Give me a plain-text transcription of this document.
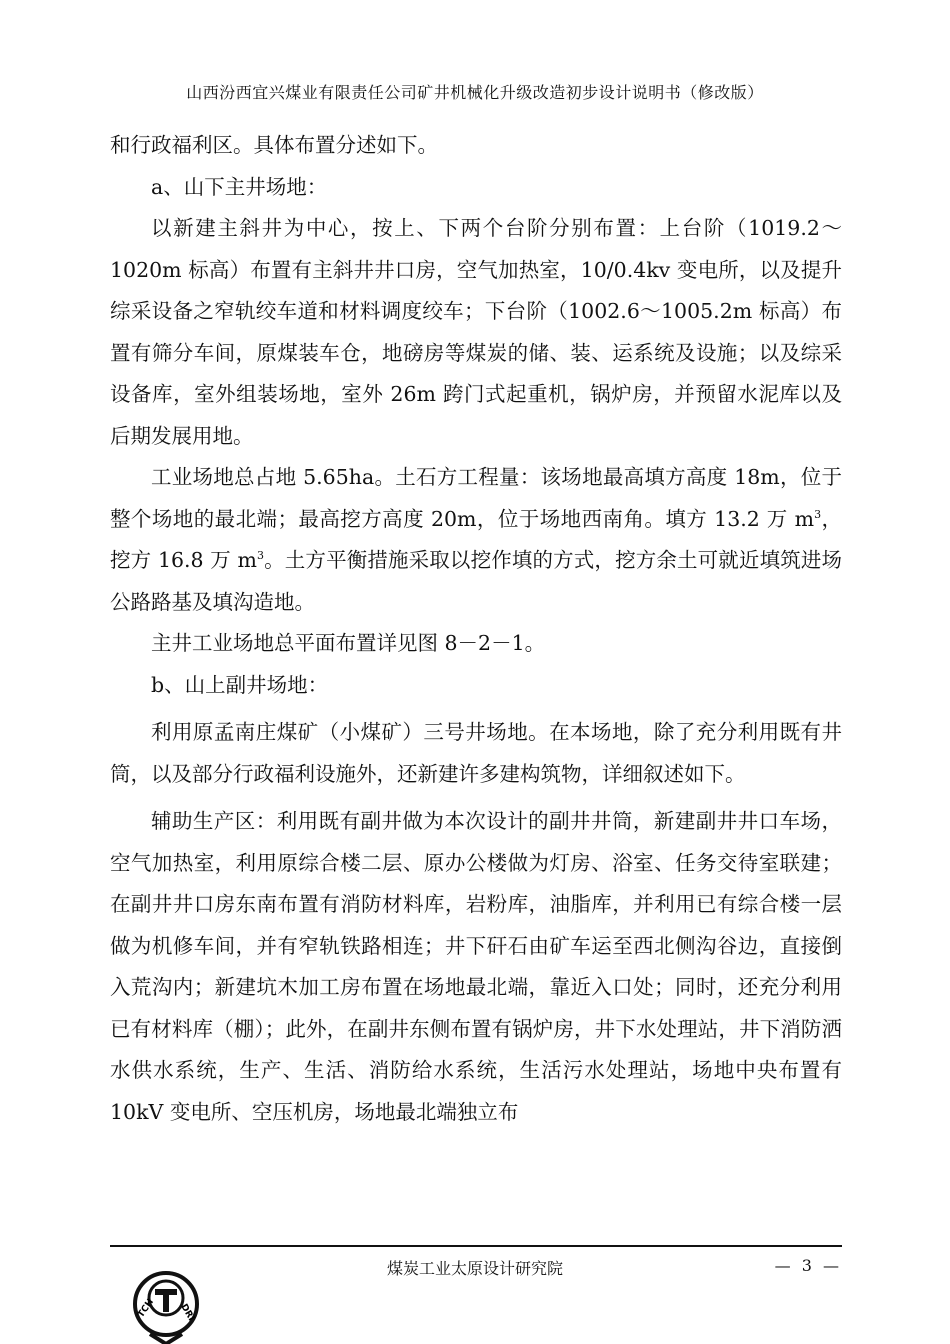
山西汾西宜兴煤业有限责任公司矿井机械化升级改造初步设计说明书（修改版）

和行政福利区。具体布置分述如下。

a、山下主井场地：

以新建主斜井为中心，按上、下两个台阶分别布置：上台阶（1019.2～1020m 标高）布置有主斜井井口房，空气加热室，10/0.4kv 变电所，以及提升综采设备之窄轨绞车道和材料调度绞车；下台阶（1002.6～1005.2m 标高）布置有筛分车间，原煤装车仓，地磅房等煤炭的储、装、运系统及设施；以及综采设备库，室外组装场地，室外 26m 跨门式起重机，锅炉房，并预留水泥库以及后期发展用地。

工业场地总占地 5.65ha。土石方工程量：该场地最高填方高度 18m，位于整个场地的最北端；最高挖方高度 20m，位于场地西南角。填方 13.2 万 $m^3$，挖方 16.8 万 $m^3$。土方平衡措施采取以挖作填的方式，挖方余土可就近填筑进场公路路基及填沟造地。

主井工业场地总平面布置详见图 8－2－1。

b、山上副井场地：

利用原孟南庄煤矿（小煤矿）三号井场地。在本场地，除了充分利用既有井筒，以及部分行政福利设施外，还新建许多建构筑物，详细叙述如下。

辅助生产区：利用既有副井做为本次设计的副井井筒，新建副井井口车场，空气加热室，利用原综合楼二层、原办公楼做为灯房、浴室、任务交待室联建；在副井井口房东南布置有消防材料库，岩粉库，油脂库，并利用已有综合楼一层做为机修车间，并有窄轨铁路相连；井下矸石由矿车运至西北侧沟谷边，直接倒入荒沟内；新建坑木加工房布置在场地最北端，靠近入口处；同时，还充分利用已有材料库（棚）；此外，在副井东侧布置有锅炉房，井下水处理站，井下消防洒水供水系统，生产、生活、消防给水系统，生活污水处理站，场地中央布置有 10kV 变电所、空压机房，场地最北端独立布

煤炭工业太原设计研究院	— 3 —
TCH DRI
